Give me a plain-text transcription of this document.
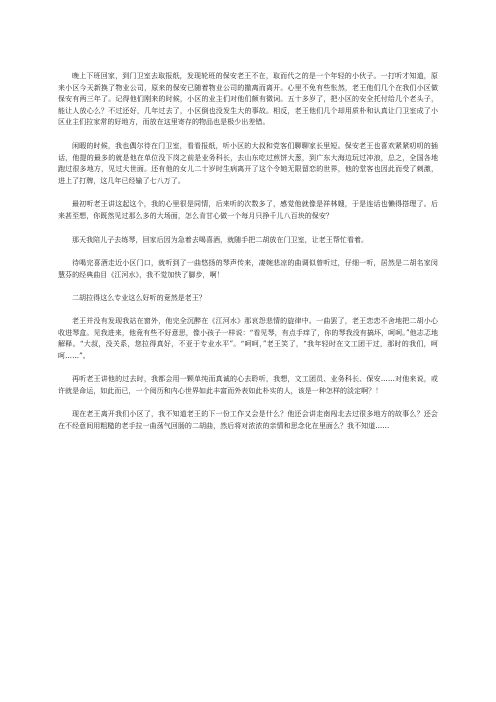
晚上下班回家，到门卫室去取报纸，发现轮班的保安老王不在，取而代之的是一个年轻的小伙子。一打听才知道，原来小区今天新换了物业公司，原来的保安已随着物业公司的撤离而离开。心里不免有些怅然，老王他们几个在我们小区做保安有两三年了。记得他们刚来的时候，小区的业主们对他们颇有微词。五十多岁了，把小区的安全托付给几个老头子，能让人放心么？不过还好，几年过去了，小区倒也没发生大的事故。相反，老王他们几个却用质朴和认真让门卫室成了小区业主们拉家常的好地方，而放在这里寄存的物品也是极少出差错。

闲暇的时候，我也偶尔待在门卫室，看看报纸，听小区的大叔和党客们聊聊家长里短。保安老王也喜欢紧紧叨叨的插话，他提的最多的就是他在单位没下岗之前是业务科长，去山东吃过煎饼大葱，到广东大海边玩过冲浪，总之，全国各地跑过很多地方，见过大世面。还有他的女儿二十岁时生病离开了这个令她无限留恋的世界，他的堂客也因此而受了刺激，进上了打牌，这几年已经输了七八万了。

最初听老王讲这起这个，我的心里很是同情，后来听的次数多了，感觉他就像是祥林嫂，于是连话也懒得搭理了。后来甚至想，你既然见过那么多的大场面，怎么肯甘心做一个每月只挣千儿八百块的保安？

那天我陪儿子去练琴，回家后因为急着去喝喜酒，就随手把二胡放在门卫室，让老王帮忙看着。

待喝完喜酒走近小区门口，就听到了一曲悠扬的琴声传来，凄婉悲凉的曲调似曾听过，仔细一听，居然是二胡名家闵慧芬的经典曲目《江河水》，我不觉加快了脚步，啊！

二胡拉得这么专业这么好听的竟然是老王？

老王并没有发现我站在窗外，他完全沉醉在《江河水》那哀怨悲情的旋律中。一曲罢了，老王恋恋不舍地把二胡小心收进琴盒。见我进来，他竟有些不好意思，像小孩子一样说：“看见琴，有点手痒了，你的琴我没有搞坏，呵呵。”他志忑地解释。“大叔，没关系，您拉得真好，不亚于专业水平”。“呵呵，”老王笑了，“我年轻时在文工团干过，那时的我们，呵呵……”。

再听老王讲他的过去时，我都会用一颗单纯而真诚的心去聆听，我想，文工团员、业务科长、保安……对他来说，或许就是命运，如此而已，一个阅历和内心世界如此丰富而外表如此朴实的人，该是一种怎样的淡定啊？！

现在老王离开我们小区了，我不知道老王的下一份工作又会是什么？他还会讲走南闯北去过很多地方的故事么？还会在不经意间用粗糙的老手拉一曲荡气回肠的二胡曲，然后将对浓浓的亲情和思念化在里面么？我不知道……
